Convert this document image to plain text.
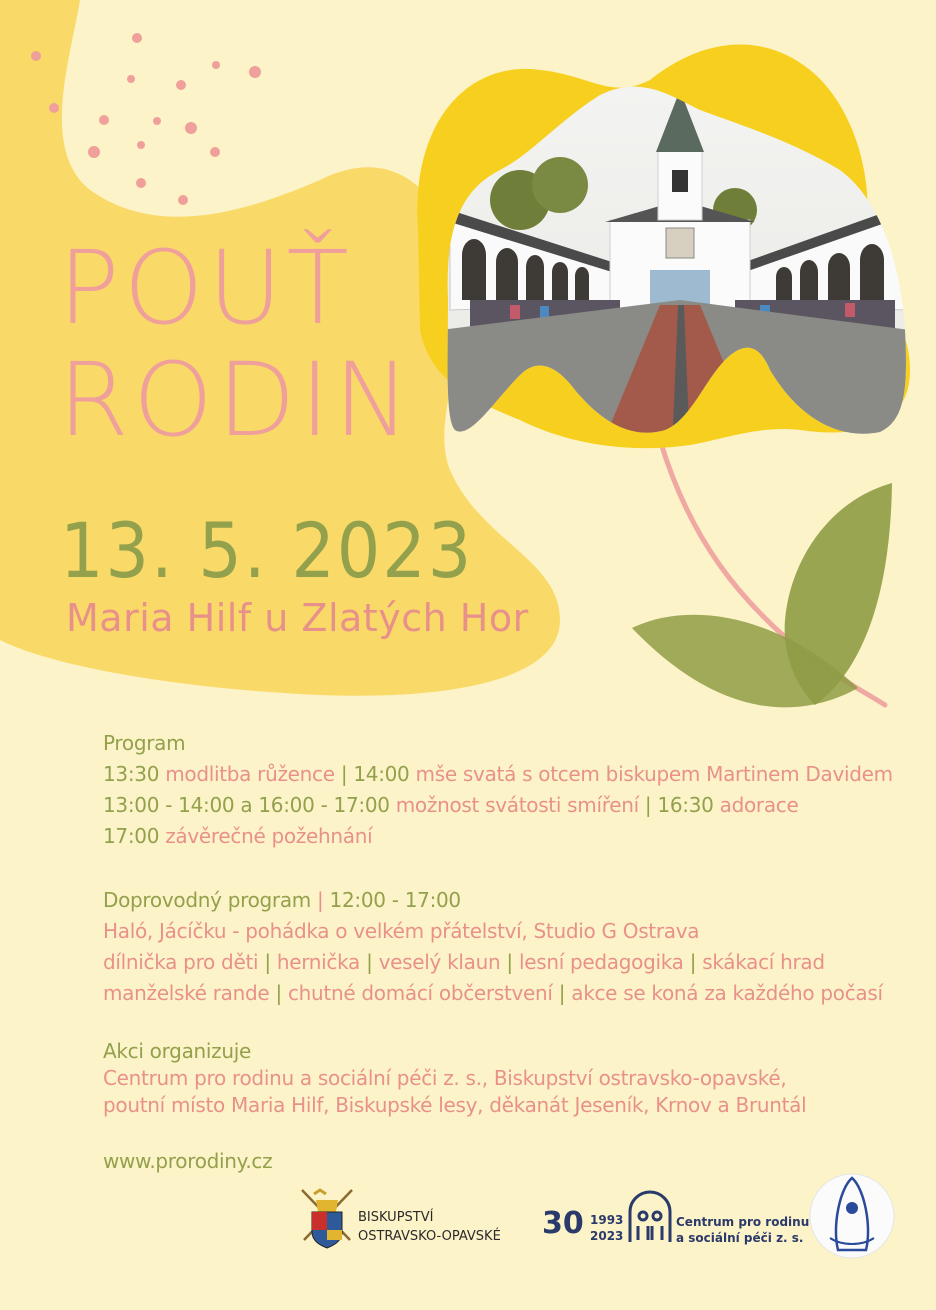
POUŤ
RODIN
13. 5. 2023
Maria Hilf u Zlatých Hor
Program
13:30 modlitba růžence | 14:00 mše svatá s otcem biskupem Martinem Davidem
13:00 - 14:00 a 16:00 - 17:00 možnost svátosti smíření | 16:30 adorace
17:00 závěrečné požehnání
Doprovodný program | 12:00 - 17:00
Haló, Jácíčku - pohádka o velkém přátelství, Studio G Ostrava
dílnička pro děti | hernička | veselý klaun | lesní pedagogika | skákací hrad
manželské rande | chutné domácí občerstvení | akce se koná za každého počasí
Akci organizuje
Centrum pro rodinu a sociální péči z. s., Biskupství ostravsko-opavské,
poutní místo Maria Hilf, Biskupské lesy, děkanát Jeseník, Krnov a Bruntál
www.prorodiny.cz
BISKUPSTVÍ
OSTRAVSKO-OPAVSKÉ 30 1993
2023
Centrum pro rodinu
a sociální péči z. s.
